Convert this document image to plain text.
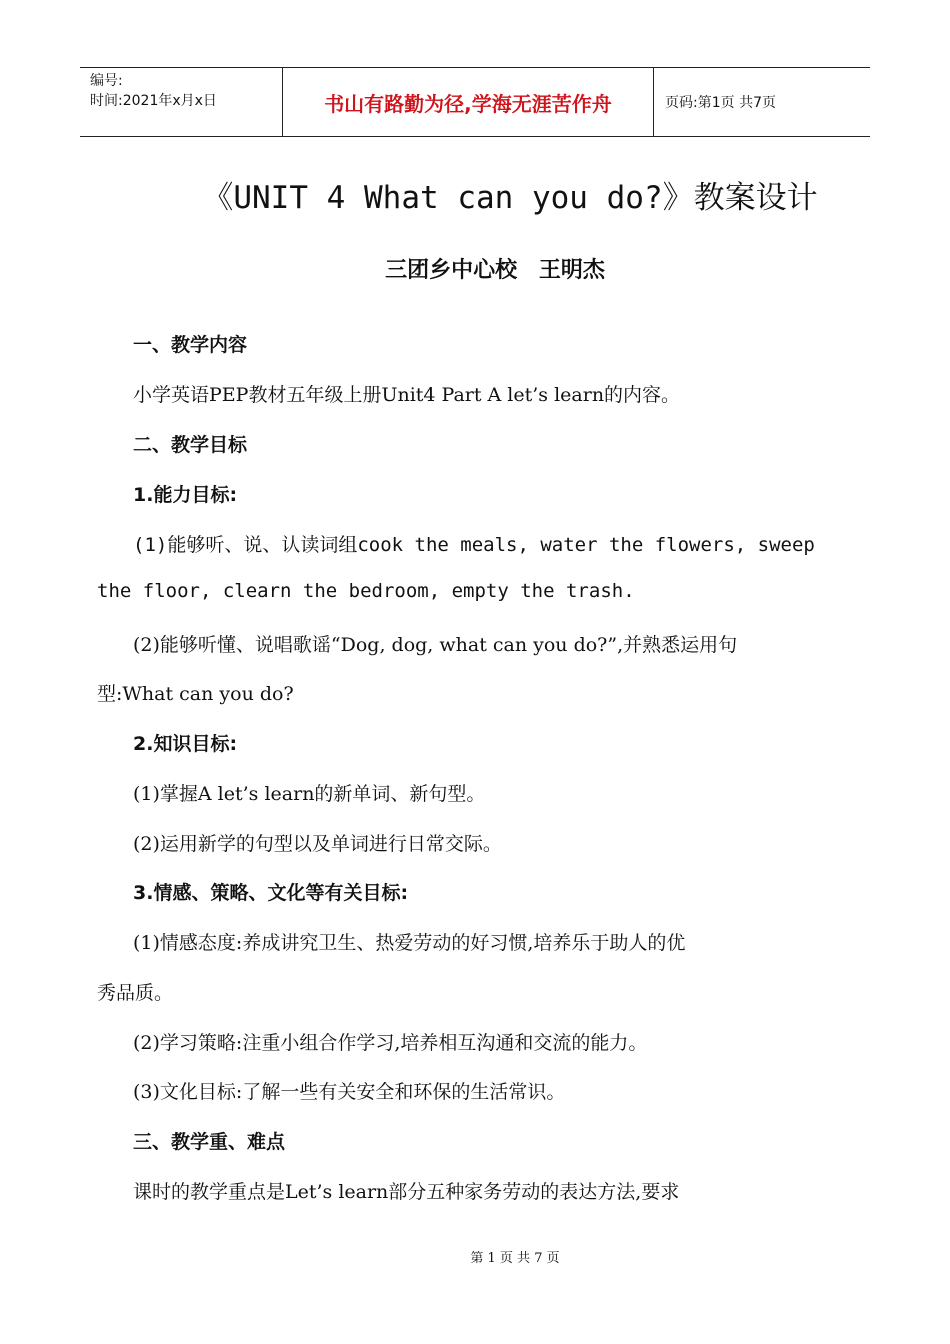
编号:
时间:2021年x月x日	书山有路勤为径,学海无涯苦作舟	页码:第1页 共7页
《UNIT 4 What can you do?》教案设计
三团乡中心校 王明杰
一、教学内容
小学英语PEP教材五年级上册Unit4 Part A let’s learn的内容。
二、教学目标
1.能力目标:
(1)能够听、说、认读词组cook the meals, water the flowers, sweep
the floor, clearn the bedroom, empty the trash.
(2)能够听懂、说唱歌谣“Dog, dog, what can you do?”,并熟悉运用句
型:What can you do?
2.知识目标:
(1)掌握A let’s learn的新单词、新句型。
(2)运用新学的句型以及单词进行日常交际。
3.情感、策略、文化等有关目标:
(1)情感态度:养成讲究卫生、热爱劳动的好习惯,培养乐于助人的优
秀品质。
(2)学习策略:注重小组合作学习,培养相互沟通和交流的能力。
(3)文化目标:了解一些有关安全和环保的生活常识。
三、教学重、难点
课时的教学重点是Let’s learn部分五种家务劳动的表达方法,要求
第 1 页 共 7 页
